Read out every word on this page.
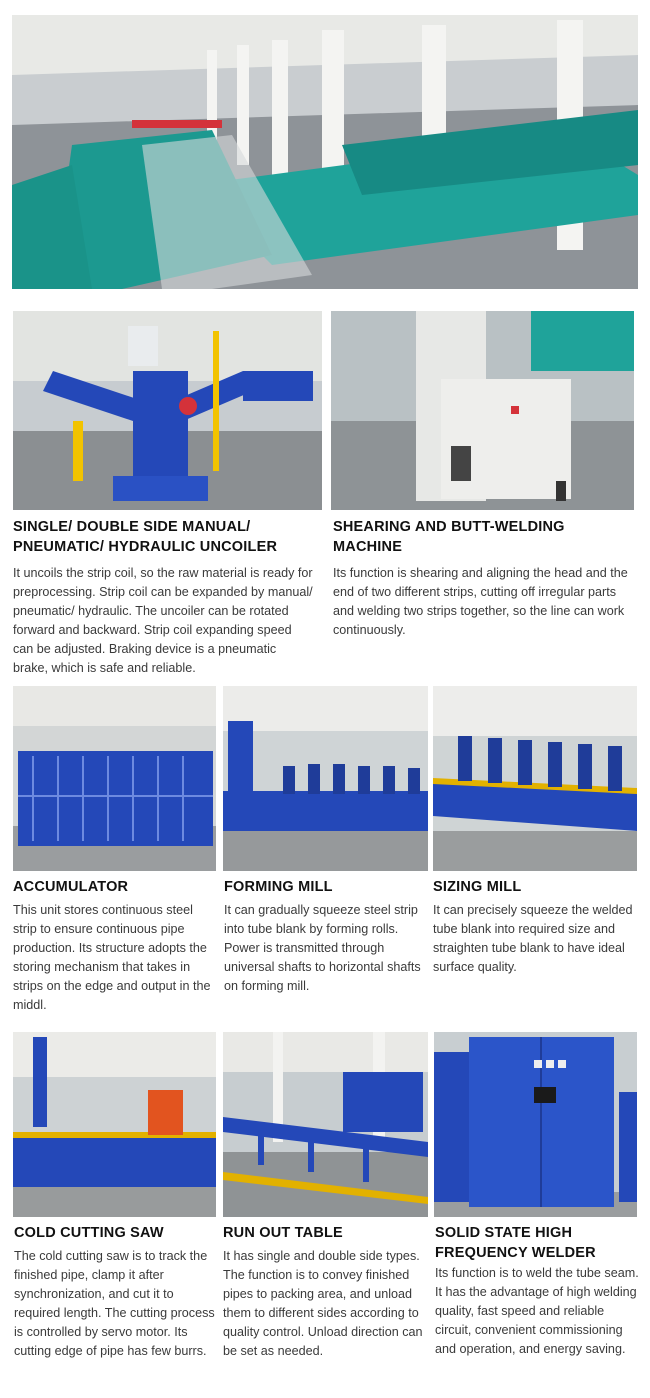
SINGLE/ DOUBLE SIDE MANUAL/ PNEUMATIC/ HYDRAULIC UNCOILER

It uncoils the strip coil, so the raw material is ready for preprocessing. Strip coil can be expanded by manual/ pneumatic/ hydraulic. The uncoiler can be rotated forward and backward. Strip coil expanding speed can be adjusted. Braking device is a pneumatic brake, which is safe and reliable.

SHEARING AND BUTT-WELDING MACHINE

Its function is shearing and aligning the head and the end of two different strips, cutting off irregular parts and welding two strips together, so the line can work continuously.

ACCUMULATOR

This unit stores continuous steel strip to ensure continuous pipe production. Its structure adopts the storing mechanism that takes in strips on the edge and output in the middl.

FORMING MILL

It can gradually squeeze steel strip into tube blank by forming rolls. Power is transmitted through universal shafts to horizontal shafts on forming mill.

SIZING MILL

It can precisely squeeze the welded tube blank into required size and straighten tube blank to have ideal surface quality.

COLD CUTTING SAW

The cold cutting saw is to track the finished pipe, clamp it after synchronization, and cut it to required length. The cutting process is controlled by servo motor. Its cutting edge of pipe has few burrs.

RUN OUT TABLE

It has single and double side types. The function is to convey finished pipes to packing area, and unload them to different sides according to quality control. Unload direction can be set as needed.

SOLID STATE HIGH FREQUENCY WELDER

Its function is to weld the tube seam. It has the advantage of high welding quality, fast speed and reliable circuit, convenient commissioning and operation, and energy saving.
